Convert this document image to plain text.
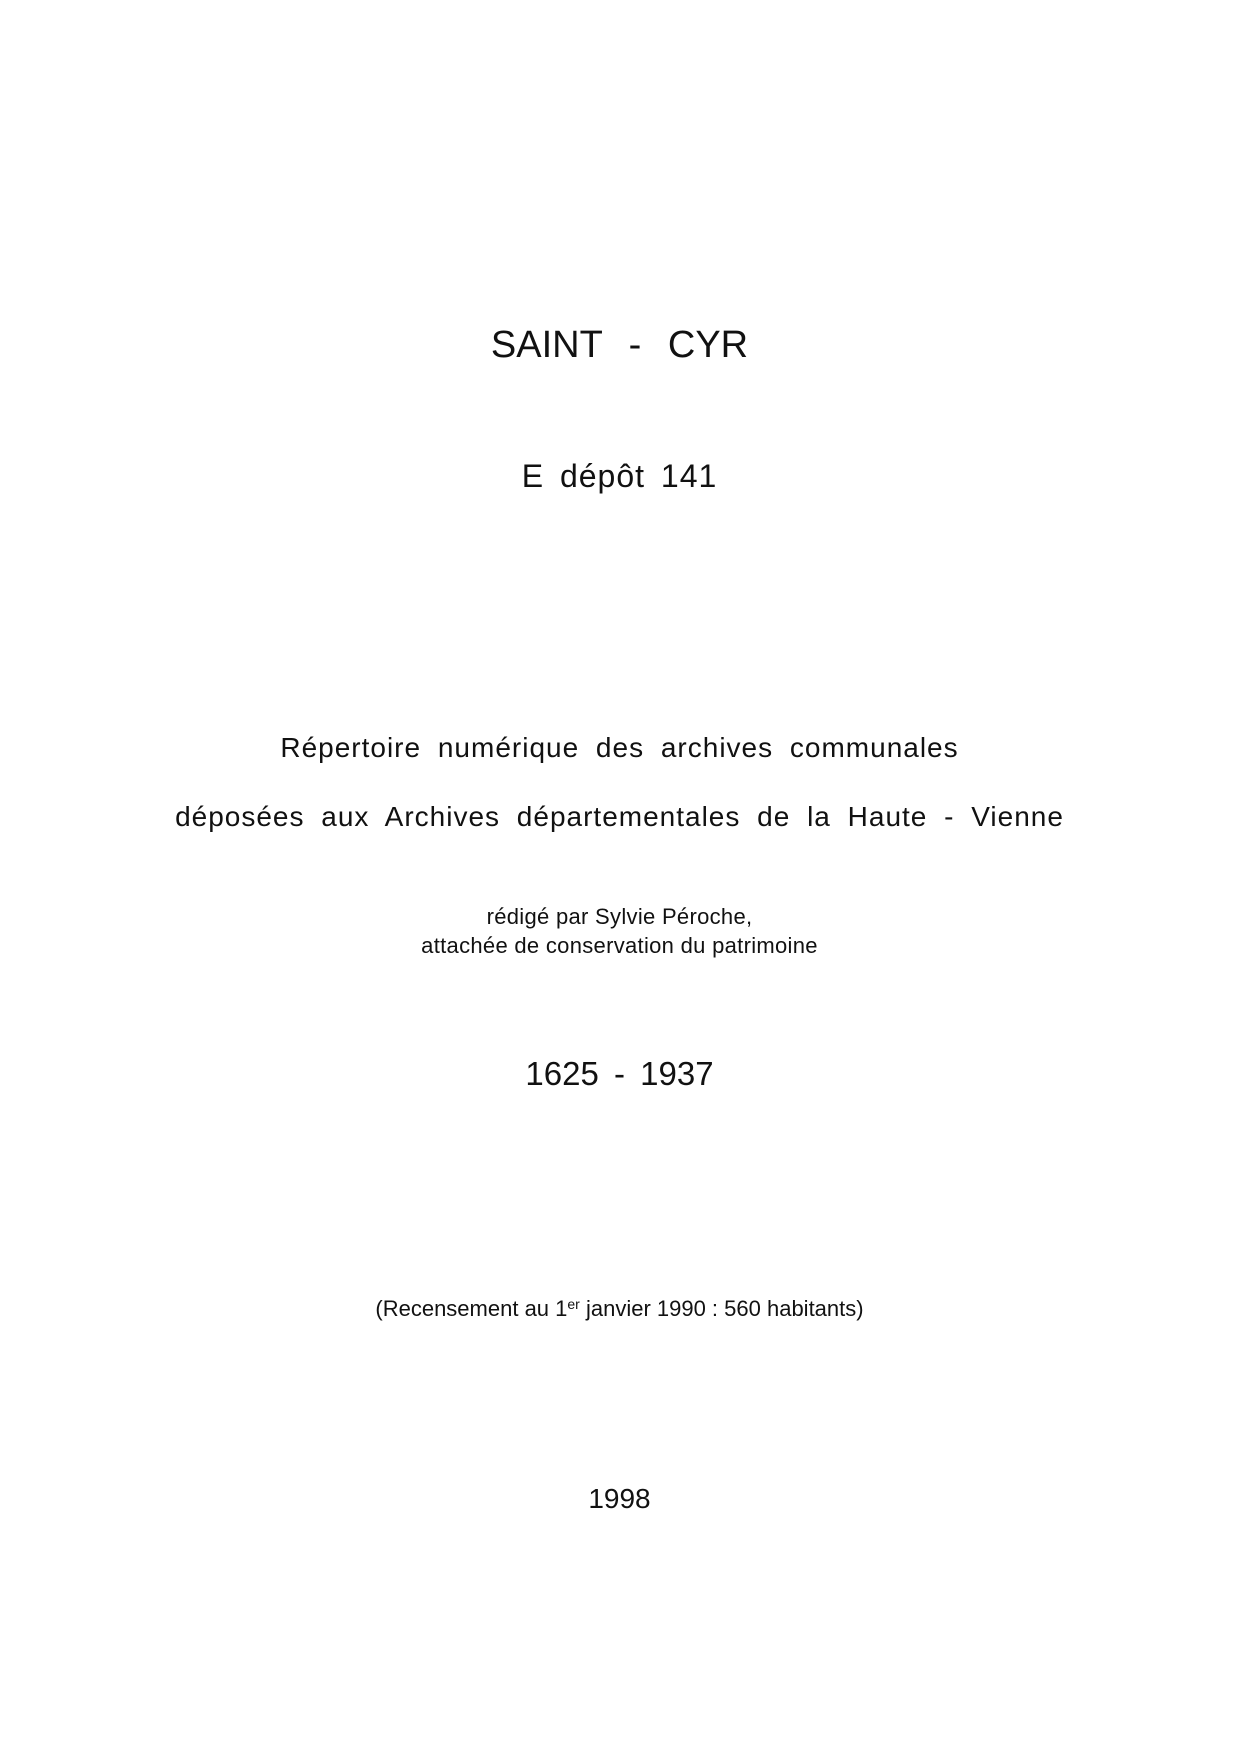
SAINT - CYR

E dépôt 141

Répertoire numérique des archives communales

déposées aux Archives départementales de la Haute - Vienne

rédigé par Sylvie Péroche,

attachée de conservation du patrimoine

1625 - 1937

(Recensement au 1er janvier 1990 : 560 habitants)

1998
